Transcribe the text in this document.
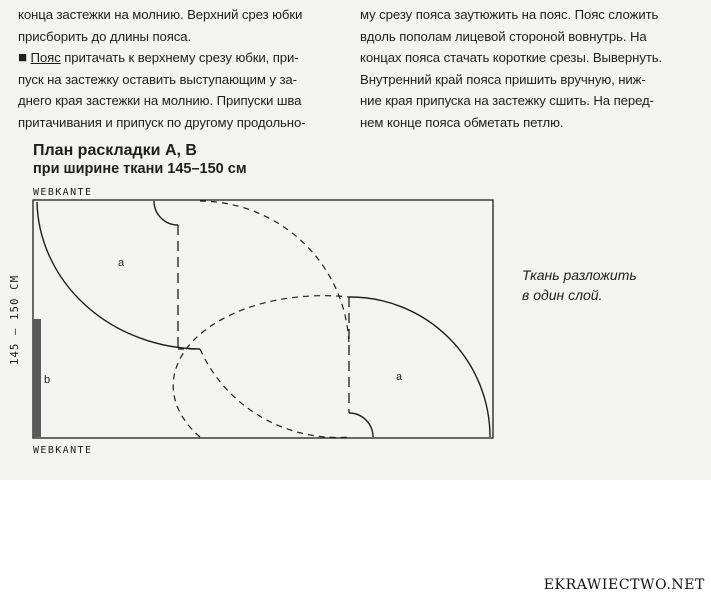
конца застежки на молнию. Верхний срез юбки
присборить до длины пояса.
■ Пояс притачать к верхнему срезу юбки, при-
пуск на застежку оставить выступающим у за-
днего края застежки на молнию. Припуски шва
притачивания и припуск по другому продольно-
му срезу пояса заутюжить на пояс. Пояс сложить
вдоль пополам лицевой стороной вовнутрь. На
концах пояса стачать короткие срезы. Вывернуть.
Внутренний край пояса пришить вручную, ниж-
ние края припуска на застежку сшить. На перед-
нем конце пояса обметать петлю.
План раскладки А, В
при ширине ткани 145–150 см
WEBKANTE
WEBKANTE
145 – 150 CM
a
a
b
Ткань разложить
в один слой.
EKRAWIECTWO.NET
